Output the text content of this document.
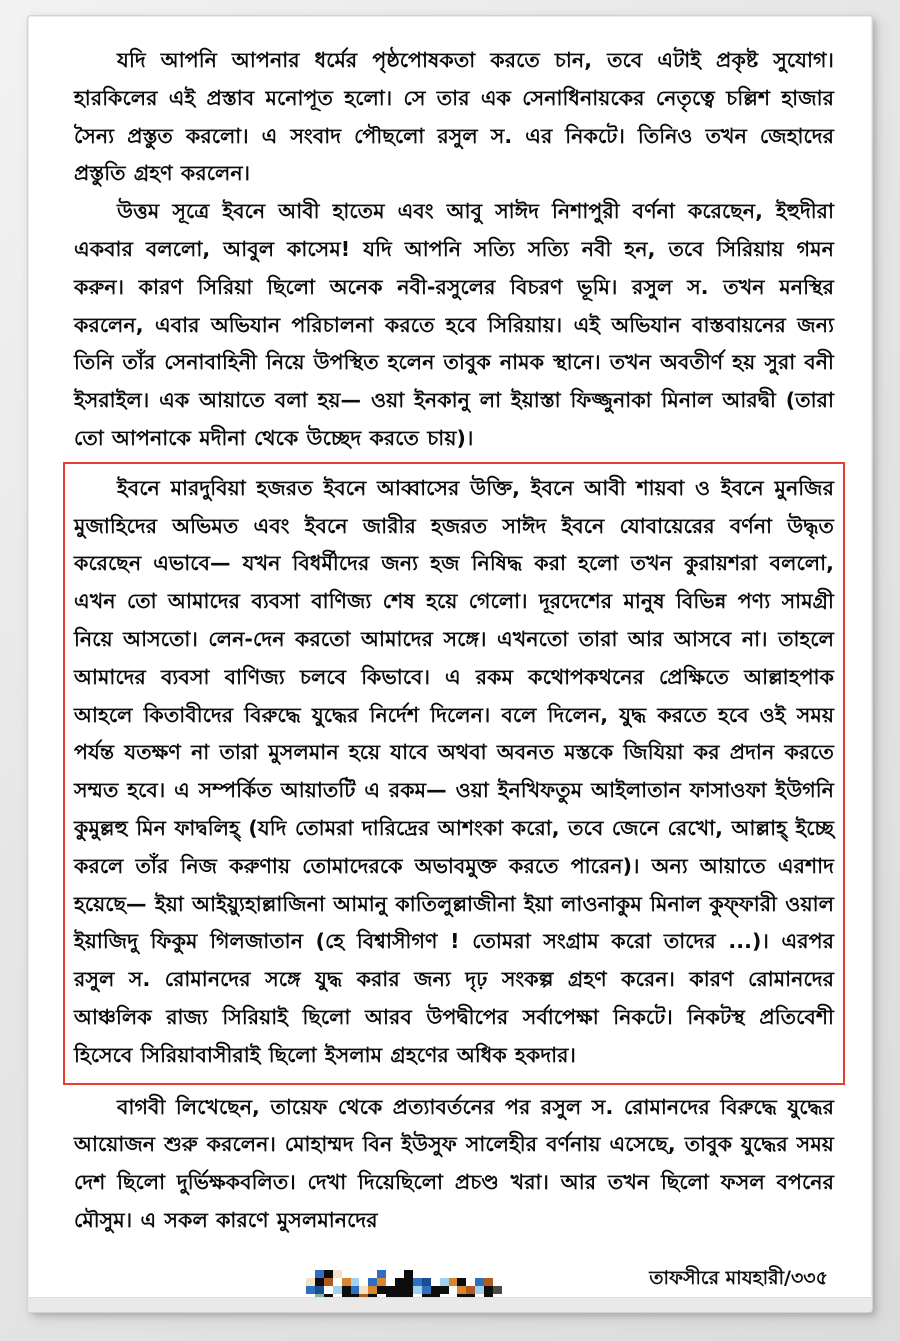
যদি আপনি আপনার ধর্মের পৃষ্ঠপোষকতা করতে চান, তবে এটাই প্রকৃষ্ট সুযোগ। হারকিলের এই প্রস্তাব মনোপূত হলো। সে তার এক সেনাধিনায়কের নেতৃত্বে চল্লিশ হাজার সৈন্য প্রস্তুত করলো। এ সংবাদ পৌছলো রসুল স. এর নিকটে। তিনিও তখন জেহাদের প্রস্তুতি গ্রহণ করলেন।

উত্তম সূত্রে ইবনে আবী হাতেম এবং আবু সাঈদ নিশাপুরী বর্ণনা করেছেন, ইহুদীরা একবার বললো, আবুল কাসেম! যদি আপনি সত্যি সত্যি নবী হন, তবে সিরিয়ায় গমন করুন। কারণ সিরিয়া ছিলো অনেক নবী-রসুলের বিচরণ ভূমি। রসুল স. তখন মনস্থির করলেন, এবার অভিযান পরিচালনা করতে হবে সিরিয়ায়। এই অভিযান বাস্তবায়নের জন্য তিনি তাঁর সেনাবাহিনী নিয়ে উপস্থিত হলেন তাবুক নামক স্থানে। তখন অবতীর্ণ হয় সুরা বনী ইসরাইল। এক আয়াতে বলা হয়— ওয়া ইনকানু লা ইয়াস্তা ফিজ্জুনাকা মিনাল আরদ্বী (তারা তো আপনাকে মদীনা থেকে উচ্ছেদ করতে চায়)।

ইবনে মারদুবিয়া হজরত ইবনে আব্বাসের উক্তি, ইবনে আবী শায়বা ও ইবনে মুনজির মুজাহিদের অভিমত এবং ইবনে জারীর হজরত সাঈদ ইবনে যোবায়েরের বর্ণনা উদ্ধৃত করেছেন এভাবে— যখন বিধর্মীদের জন্য হজ নিষিদ্ধ করা হলো তখন কুরায়শরা বললো, এখন তো আমাদের ব্যবসা বাণিজ্য শেষ হয়ে গেলো। দূরদেশের মানুষ বিভিন্ন পণ্য সামগ্রী নিয়ে আসতো। লেন-দেন করতো আমাদের সঙ্গে। এখনতো তারা আর আসবে না। তাহলে আমাদের ব্যবসা বাণিজ্য চলবে কিভাবে। এ রকম কথোপকথনের প্রেক্ষিতে আল্লাহপাক আহলে কিতাবীদের বিরুদ্ধে যুদ্ধের নির্দেশ দিলেন। বলে দিলেন, যুদ্ধ করতে হবে ওই সময় পর্যন্ত যতক্ষণ না তারা মুসলমান হয়ে যাবে অথবা অবনত মস্তকে জিযিয়া কর প্রদান করতে সম্মত হবে। এ সম্পর্কিত আয়াতটি এ রকম— ওয়া ইনখিফতুম আইলাতান ফাসাওফা ইউগনি কুমুল্লহু মিন ফাদ্বলিহ্ (যদি তোমরা দারিদ্রের আশংকা করো, তবে জেনে রেখো, আল্লাহ্ ইচ্ছে করলে তাঁর নিজ করুণায় তোমাদেরকে অভাবমুক্ত করতে পারেন)। অন্য আয়াতে এরশাদ হয়েছে— ইয়া আইয়্যুহাল্লাজিনা আমানু কাতিলুল্লাজীনা ইয়া লাওনাকুম মিনাল কুফ্ফারী ওয়াল ইয়াজিদু ফিকুম গিলজাতান (হে বিশ্বাসীগণ ! তোমরা সংগ্রাম করো তাদের ...)। এরপর রসুল স. রোমানদের সঙ্গে যুদ্ধ করার জন্য দৃঢ় সংকল্প গ্রহণ করেন। কারণ রোমানদের আঞ্চলিক রাজ্য সিরিয়াই ছিলো আরব উপদ্বীপের সর্বাপেক্ষা নিকটে। নিকটস্থ প্রতিবেশী হিসেবে সিরিয়াবাসীরাই ছিলো ইসলাম গ্রহণের অধিক হকদার।

বাগবী লিখেছেন, তায়েফ থেকে প্রত্যাবর্তনের পর রসুল স. রোমানদের বিরুদ্ধে যুদ্ধের আয়োজন শুরু করলেন। মোহাম্মদ বিন ইউসুফ সালেহীর বর্ণনায় এসেছে, তাবুক যুদ্ধের সময় দেশ ছিলো দুর্ভিক্ষকবলিত। দেখা দিয়েছিলো প্রচণ্ড খরা। আর তখন ছিলো ফসল বপনের মৌসুম। এ সকল কারণে মুসলমানদের

তাফসীরে মাযহারী/৩৩৫
